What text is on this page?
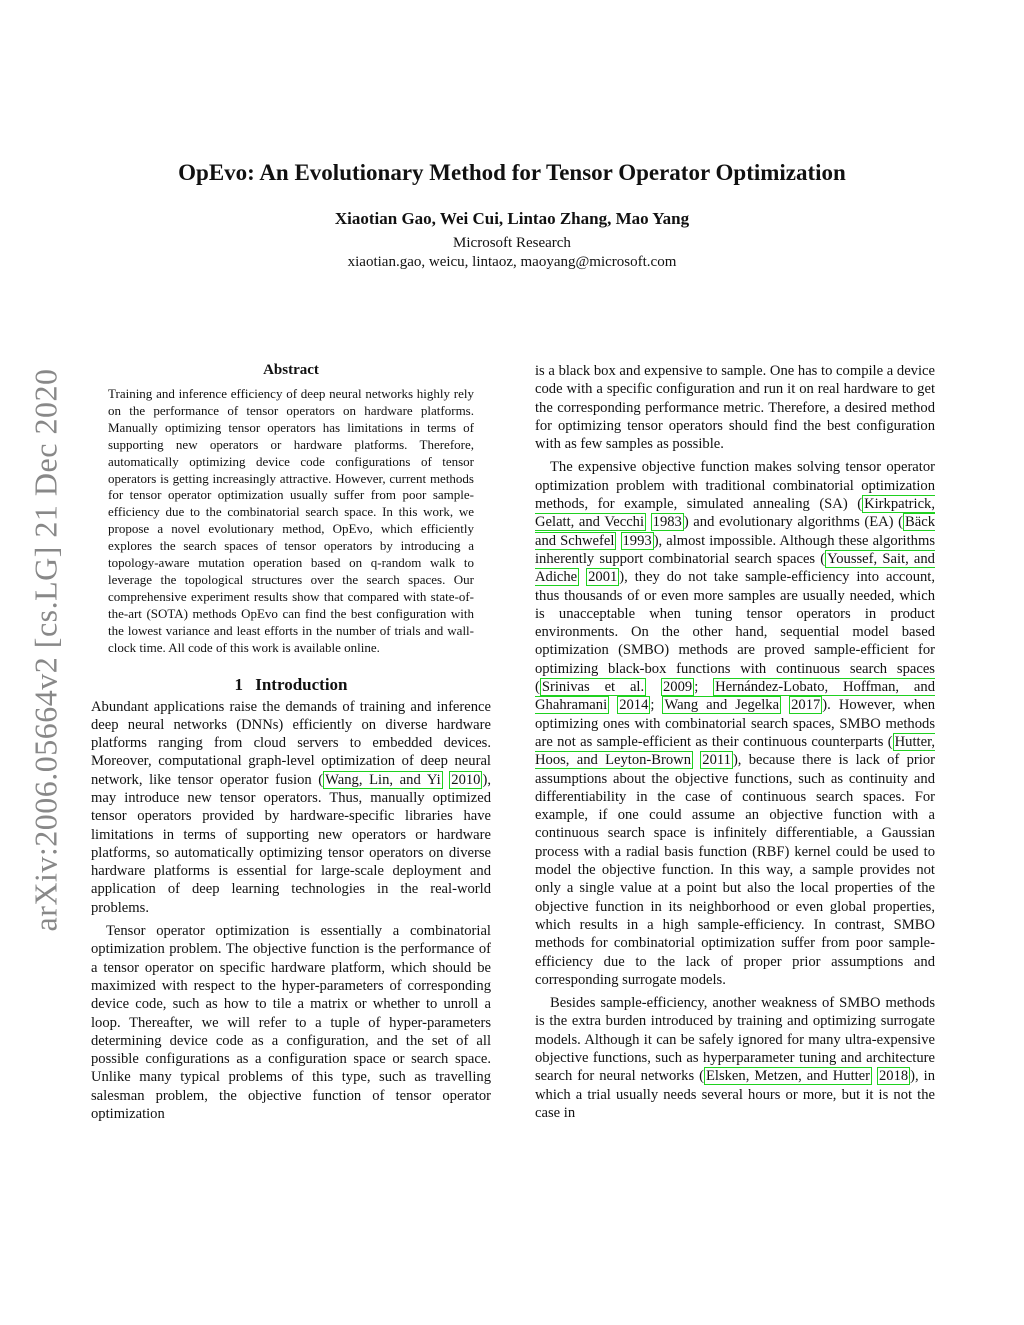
arXiv:2006.05664v2 [cs.LG] 21 Dec 2020
OpEvo: An Evolutionary Method for Tensor Operator Optimization
Xiaotian Gao, Wei Cui, Lintao Zhang, Mao Yang
Microsoft Research
xiaotian.gao, weicu, lintaoz, maoyang@microsoft.com
Abstract

Training and inference efficiency of deep neural networks highly rely on the performance of tensor operators on hardware platforms. Manually optimizing tensor operators has limitations in terms of supporting new operators or hardware platforms. Therefore, automatically optimizing device code configurations of tensor operators is getting increasingly attractive. However, current methods for tensor operator optimization usually suffer from poor sample-efficiency due to the combinatorial search space. In this work, we propose a novel evolutionary method, OpEvo, which efficiently explores the search spaces of tensor operators by introducing a topology-aware mutation operation based on q-random walk to leverage the topological structures over the search spaces. Our comprehensive experiment results show that compared with state-of-the-art (SOTA) methods OpEvo can find the best configuration with the lowest variance and least efforts in the number of trials and wall-clock time. All code of this work is available online.

1 Introduction

Abundant applications raise the demands of training and inference deep neural networks (DNNs) efficiently on diverse hardware platforms ranging from cloud servers to embedded devices. Moreover, computational graph-level optimization of deep neural network, like tensor operator fusion ( Wang, Lin, and Yi 2010 ), may introduce new tensor operators. Thus, manually optimized tensor operators provided by hardware-specific libraries have limitations in terms of supporting new operators or hardware platforms, so automatically optimizing tensor operators on diverse hardware platforms is essential for large-scale deployment and application of deep learning technologies in the real-world problems.

Tensor operator optimization is essentially a combinatorial optimization problem. The objective function is the performance of a tensor operator on specific hardware platform, which should be maximized with respect to the hyper-parameters of corresponding device code, such as how to tile a matrix or whether to unroll a loop. Thereafter, we will refer to a tuple of hyper-parameters determining device code as a configuration, and the set of all possible configurations as a configuration space or search space. Unlike many typical problems of this type, such as travelling salesman problem, the objective function of tensor operator optimization

is a black box and expensive to sample. One has to compile a device code with a specific configuration and run it on real hardware to get the corresponding performance metric. Therefore, a desired method for optimizing tensor operators should find the best configuration with as few samples as possible.

The expensive objective function makes solving tensor operator optimization problem with traditional combinatorial optimization methods, for example, simulated annealing (SA) ( Kirkpatrick, Gelatt, and Vecchi 1983 ) and evolutionary algorithms (EA) ( Bäck and Schwefel 1993 ), almost impossible. Although these algorithms inherently support combinatorial search spaces ( Youssef, Sait, and Adiche 2001 ), they do not take sample-efficiency into account, thus thousands of or even more samples are usually needed, which is unacceptable when tuning tensor operators in product environments. On the other hand, sequential model based optimization (SMBO) methods are proved sample-efficient for optimizing black-box functions with continuous search spaces ( Srinivas et al. 2009 ; Hernández-Lobato, Hoffman, and Ghahramani 2014 ; Wang and Jegelka 2017 ). However, when optimizing ones with combinatorial search spaces, SMBO methods are not as sample-efficient as their continuous counterparts ( Hutter, Hoos, and Leyton-Brown 2011 ), because there is lack of prior assumptions about the objective functions, such as continuity and differentiability in the case of continuous search spaces. For example, if one could assume an objective function with a continuous search space is infinitely differentiable, a Gaussian process with a radial basis function (RBF) kernel could be used to model the objective function. In this way, a sample provides not only a single value at a point but also the local properties of the objective function in its neighborhood or even global properties, which results in a high sample-efficiency. In contrast, SMBO methods for combinatorial optimization suffer from poor sample-efficiency due to the lack of proper prior assumptions and corresponding surrogate models.

Besides sample-efficiency, another weakness of SMBO methods is the extra burden introduced by training and optimizing surrogate models. Although it can be safely ignored for many ultra-expensive objective functions, such as hyperparameter tuning and architecture search for neural networks ( Elsken, Metzen, and Hutter 2018 ), in which a trial usually needs several hours or more, but it is not the case in
